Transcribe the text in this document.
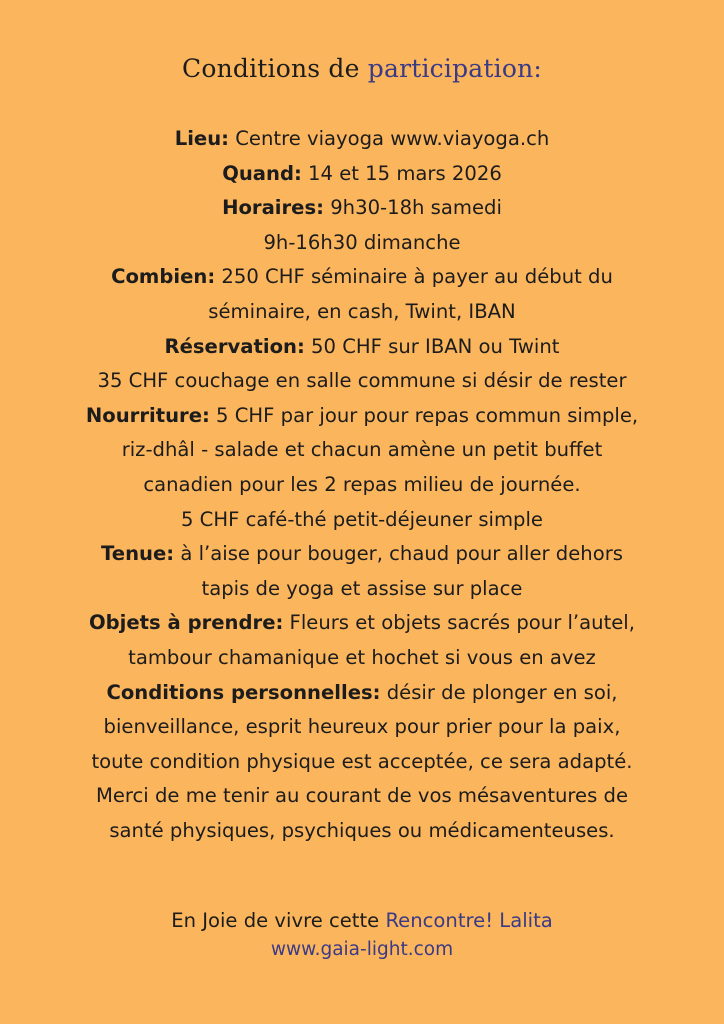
Conditions de participation:
Lieu: Centre viayoga www.viayoga.ch
Quand: 14 et 15 mars 2026
Horaires: 9h30-18h samedi
9h-16h30 dimanche
Combien: 250 CHF séminaire à payer au début du
séminaire, en cash, Twint, IBAN
Réservation: 50 CHF sur IBAN ou Twint
35 CHF couchage en salle commune si désir de rester
Nourriture: 5 CHF par jour pour repas commun simple,
riz-dhâl - salade et chacun amène un petit buffet
canadien pour les 2 repas milieu de journée.
5 CHF café-thé petit-déjeuner simple
Tenue: à l’aise pour bouger, chaud pour aller dehors
tapis de yoga et assise sur place
Objets à prendre: Fleurs et objets sacrés pour l’autel,
tambour chamanique et hochet si vous en avez
Conditions personnelles: désir de plonger en soi,
bienveillance, esprit heureux pour prier pour la paix,
toute condition physique est acceptée, ce sera adapté.
Merci de me tenir au courant de vos mésaventures de
santé physiques, psychiques ou médicamenteuses.
En Joie de vivre cette Rencontre! Lalita
www.gaia-light.com
